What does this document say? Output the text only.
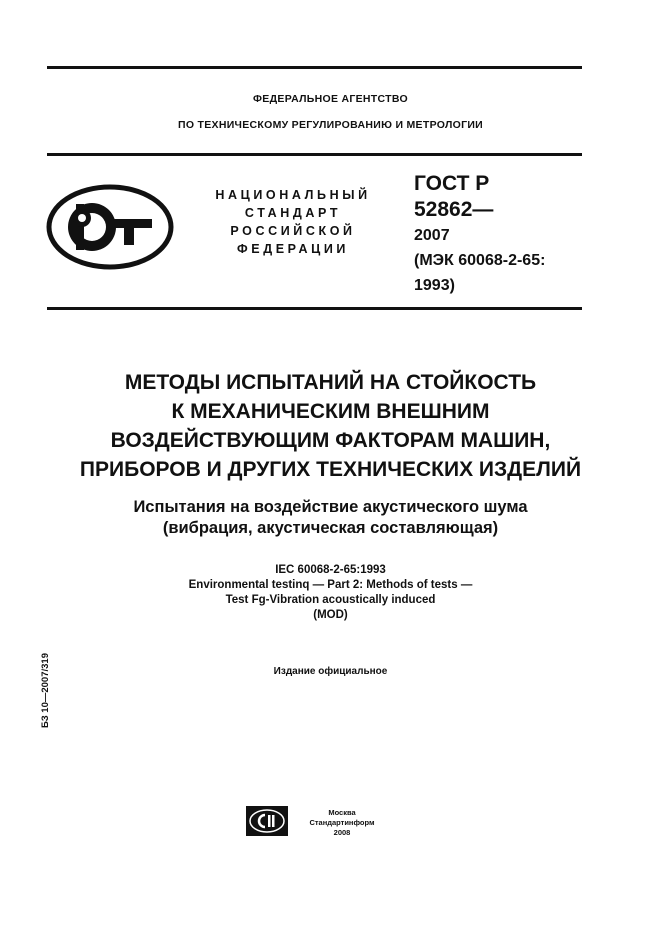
ФЕДЕРАЛЬНОЕ АГЕНТСТВО
ПО ТЕХНИЧЕСКОМУ РЕГУЛИРОВАНИЮ И МЕТРОЛОГИИ
НАЦИОНАЛЬНЫЙ
СТАНДАРТ
РОССИЙСКОЙ
ФЕДЕРАЦИИ
ГОСТ Р
52862—
2007
(МЭК 60068-2-65:
1993)
МЕТОДЫ ИСПЫТАНИЙ НА СТОЙКОСТЬ
К МЕХАНИЧЕСКИМ ВНЕШНИМ
ВОЗДЕЙСТВУЮЩИМ ФАКТОРАМ МАШИН,
ПРИБОРОВ И ДРУГИХ ТЕХНИЧЕСКИХ ИЗДЕЛИЙ
Испытания на воздействие акустического шума
(вибрация, акустическая составляющая)
IEC 60068-2-65:1993
Environmental testinq — Part 2: Methods of tests —
Test Fg-Vibration acoustically induced
(MOD)
Издание официальное
БЗ 10—2007/319
Москва
Стандартинформ
2008
